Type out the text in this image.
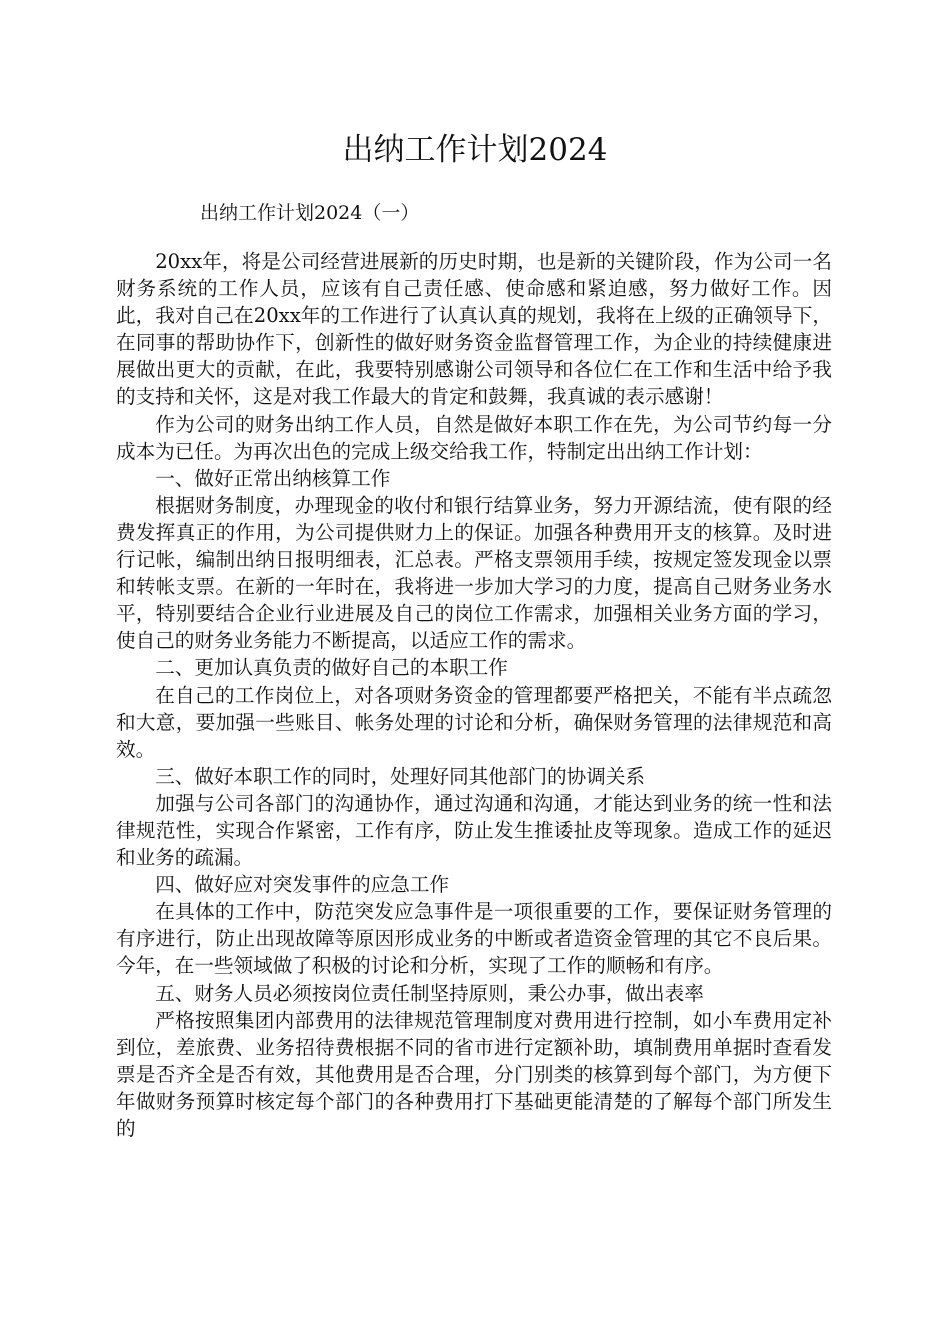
出纳工作计划2024

出纳工作计划2024（一）

20xx年，将是公司经营进展新的历史时期，也是新的关键阶段，作为公司一名财务系统的工作人员，应该有自己责任感、使命感和紧迫感，努力做好工作。因此，我对自己在20xx年的工作进行了认真认真的规划，我将在上级的正确领导下，在同事的帮助协作下，创新性的做好财务资金监督管理工作，为企业的持续健康进展做出更大的贡献，在此，我要特别感谢公司领导和各位仁在工作和生活中给予我的支持和关怀，这是对我工作最大的肯定和鼓舞，我真诚的表示感谢！

作为公司的财务出纳工作人员，自然是做好本职工作在先，为公司节约每一分成本为已任。为再次出色的完成上级交给我工作，特制定出出纳工作计划：

一、做好正常出纳核算工作

根据财务制度，办理现金的收付和银行结算业务，努力开源结流，使有限的经费发挥真正的作用，为公司提供财力上的保证。加强各种费用开支的核算。及时进行记帐，编制出纳日报明细表，汇总表。严格支票领用手续，按规定签发现金以票和转帐支票。在新的一年时在，我将进一步加大学习的力度，提高自己财务业务水平，特别要结合企业行业进展及自己的岗位工作需求，加强相关业务方面的学习，使自己的财务业务能力不断提高，以适应工作的需求。

二、更加认真负责的做好自己的本职工作

在自己的工作岗位上，对各项财务资金的管理都要严格把关，不能有半点疏忽和大意，要加强一些账目、帐务处理的讨论和分析，确保财务管理的法律规范和高效。

三、做好本职工作的同时，处理好同其他部门的协调关系

加强与公司各部门的沟通协作，通过沟通和沟通，才能达到业务的统一性和法律规范性，实现合作紧密，工作有序，防止发生推诿扯皮等现象。造成工作的延迟和业务的疏漏。

四、做好应对突发事件的应急工作

在具体的工作中，防范突发应急事件是一项很重要的工作，要保证财务管理的有序进行，防止出现故障等原因形成业务的中断或者造资金管理的其它不良后果。今年，在一些领域做了积极的讨论和分析，实现了工作的顺畅和有序。

五、财务人员必须按岗位责任制坚持原则，秉公办事，做出表率

严格按照集团内部费用的法律规范管理制度对费用进行控制，如小车费用定补到位，差旅费、业务招待费根据不同的省市进行定额补助，填制费用单据时查看发票是否齐全是否有效，其他费用是否合理，分门别类的核算到每个部门，为方便下年做财务预算时核定每个部门的各种费用打下基础更能清楚的了解每个部门所发生的
